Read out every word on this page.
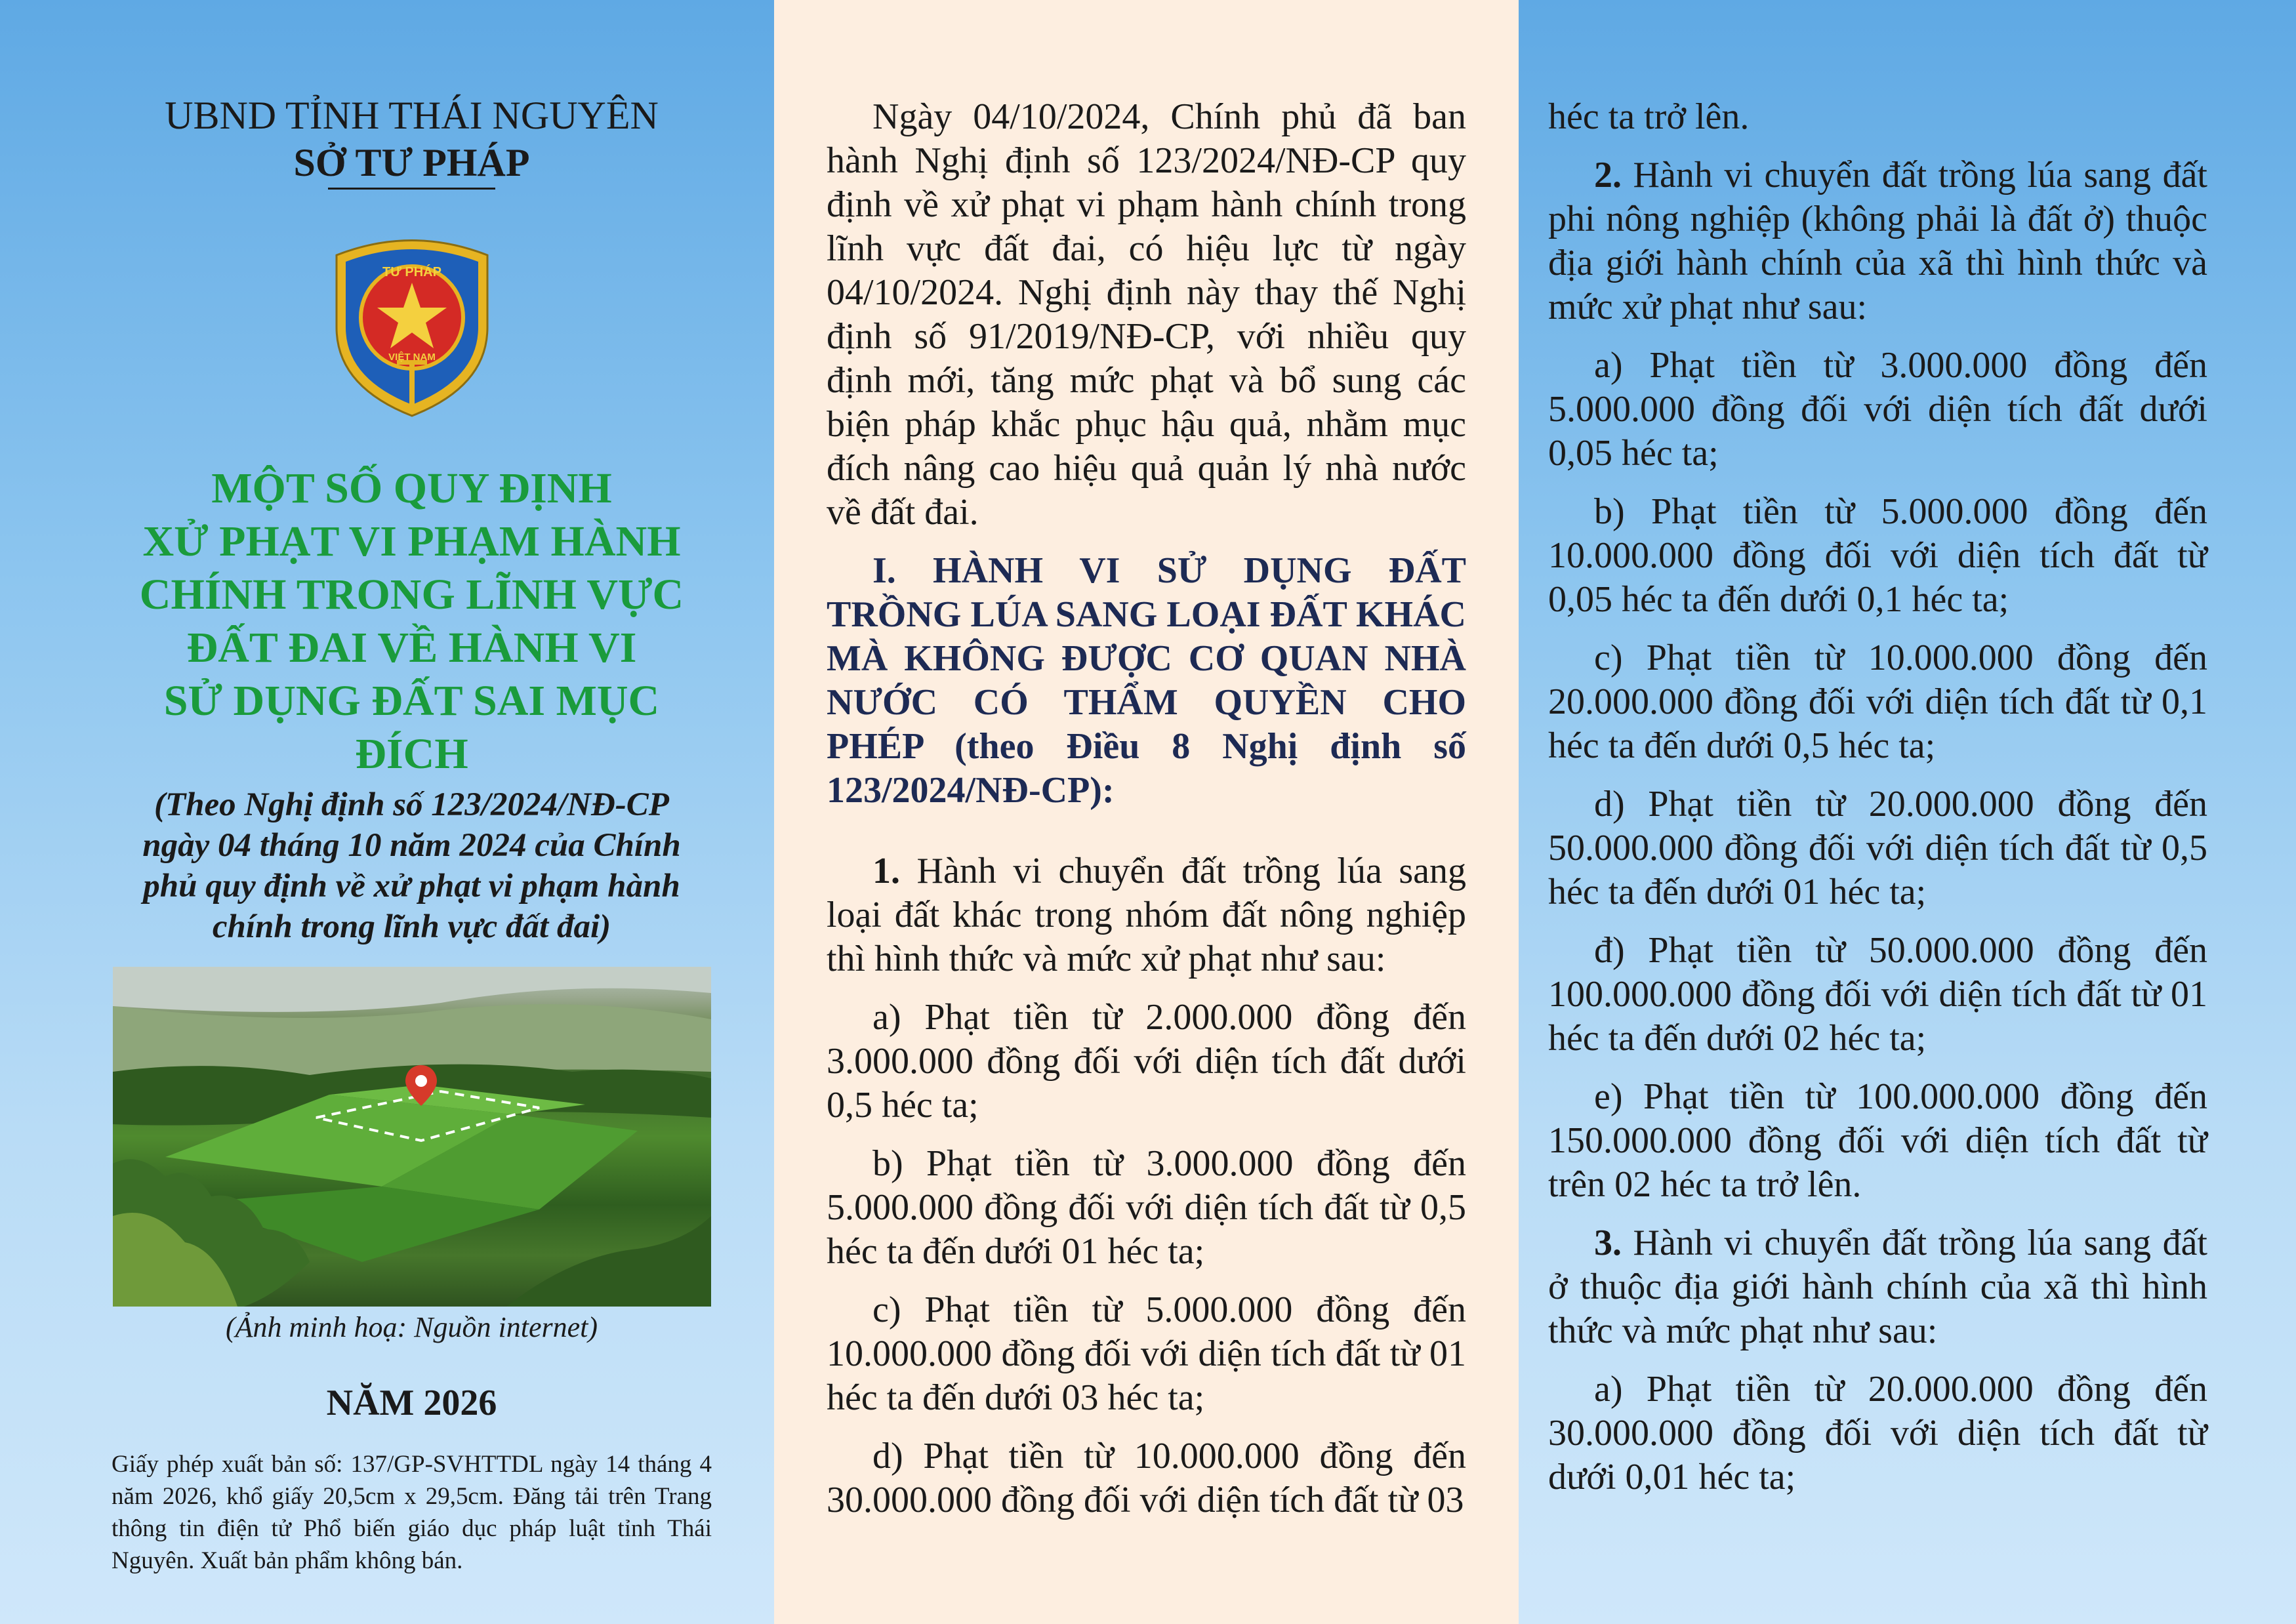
UBND TỈNH THÁI NGUYÊN
SỞ TƯ PHÁP
TƯ PHÁP
VIỆT NAM
MỘT SỐ QUY ĐỊNH
XỬ PHẠT VI PHẠM HÀNH
CHÍNH TRONG LĨNH VỰC
ĐẤT ĐAI VỀ HÀNH VI
SỬ DỤNG ĐẤT SAI MỤC ĐÍCH
(Theo Nghị định số 123/2024/NĐ-CP
ngày 04 tháng 10 năm 2024 của Chính
phủ quy định về xử phạt vi phạm hành
chính trong lĩnh vực đất đai)
(Ảnh minh hoạ: Nguồn internet)
NĂM 2026
Giấy phép xuất bản số: 137/GP-SVHTTDL ngày 14 tháng 4 năm 2026, khổ giấy 20,5cm x 29,5cm. Đăng tải trên Trang thông tin điện tử Phổ biến giáo dục pháp luật tỉnh Thái Nguyên. Xuất bản phẩm không bán.

Ngày 04/10/2024, Chính phủ đã ban hành Nghị định số 123/2024/NĐ-CP quy định về xử phạt vi phạm hành chính trong lĩnh vực đất đai, có hiệu lực từ ngày 04/10/2024. Nghị định này thay thế Nghị định số 91/2019/NĐ-CP, với nhiều quy định mới, tăng mức phạt và bổ sung các biện pháp khắc phục hậu quả, nhằm mục đích nâng cao hiệu quả quản lý nhà nước về đất đai.

I. HÀNH VI SỬ DỤNG ĐẤT TRỒNG LÚA SANG LOẠI ĐẤT KHÁC MÀ KHÔNG ĐƯỢC CƠ QUAN NHÀ NƯỚC CÓ THẨM QUYỀN CHO PHÉP (theo Điều 8 Nghị định số 123/2024/NĐ-CP):

1. Hành vi chuyển đất trồng lúa sang loại đất khác trong nhóm đất nông nghiệp thì hình thức và mức xử phạt như sau:

a) Phạt tiền từ 2.000.000 đồng đến 3.000.000 đồng đối với diện tích đất dưới 0,5 héc ta;

b) Phạt tiền từ 3.000.000 đồng đến 5.000.000 đồng đối với diện tích đất từ 0,5 héc ta đến dưới 01 héc ta;

c) Phạt tiền từ 5.000.000 đồng đến 10.000.000 đồng đối với diện tích đất từ 01 héc ta đến dưới 03 héc ta;

d) Phạt tiền từ 10.000.000 đồng đến 30.000.000 đồng đối với diện tích đất từ 03

héc ta trở lên.

2. Hành vi chuyển đất trồng lúa sang đất phi nông nghiệp (không phải là đất ở) thuộc địa giới hành chính của xã thì hình thức và mức xử phạt như sau:

a) Phạt tiền từ 3.000.000 đồng đến 5.000.000 đồng đối với diện tích đất dưới 0,05 héc ta;

b) Phạt tiền từ 5.000.000 đồng đến 10.000.000 đồng đối với diện tích đất từ 0,05 héc ta đến dưới 0,1 héc ta;

c) Phạt tiền từ 10.000.000 đồng đến 20.000.000 đồng đối với diện tích đất từ 0,1 héc ta đến dưới 0,5 héc ta;

d) Phạt tiền từ 20.000.000 đồng đến 50.000.000 đồng đối với diện tích đất từ 0,5 héc ta đến dưới 01 héc ta;

đ) Phạt tiền từ 50.000.000 đồng đến 100.000.000 đồng đối với diện tích đất từ 01 héc ta đến dưới 02 héc ta;

e) Phạt tiền từ 100.000.000 đồng đến 150.000.000 đồng đối với diện tích đất từ trên 02 héc ta trở lên.

3. Hành vi chuyển đất trồng lúa sang đất ở thuộc địa giới hành chính của xã thì hình thức và mức phạt như sau:

a) Phạt tiền từ 20.000.000 đồng đến 30.000.000 đồng đối với diện tích đất từ dưới 0,01 héc ta;
